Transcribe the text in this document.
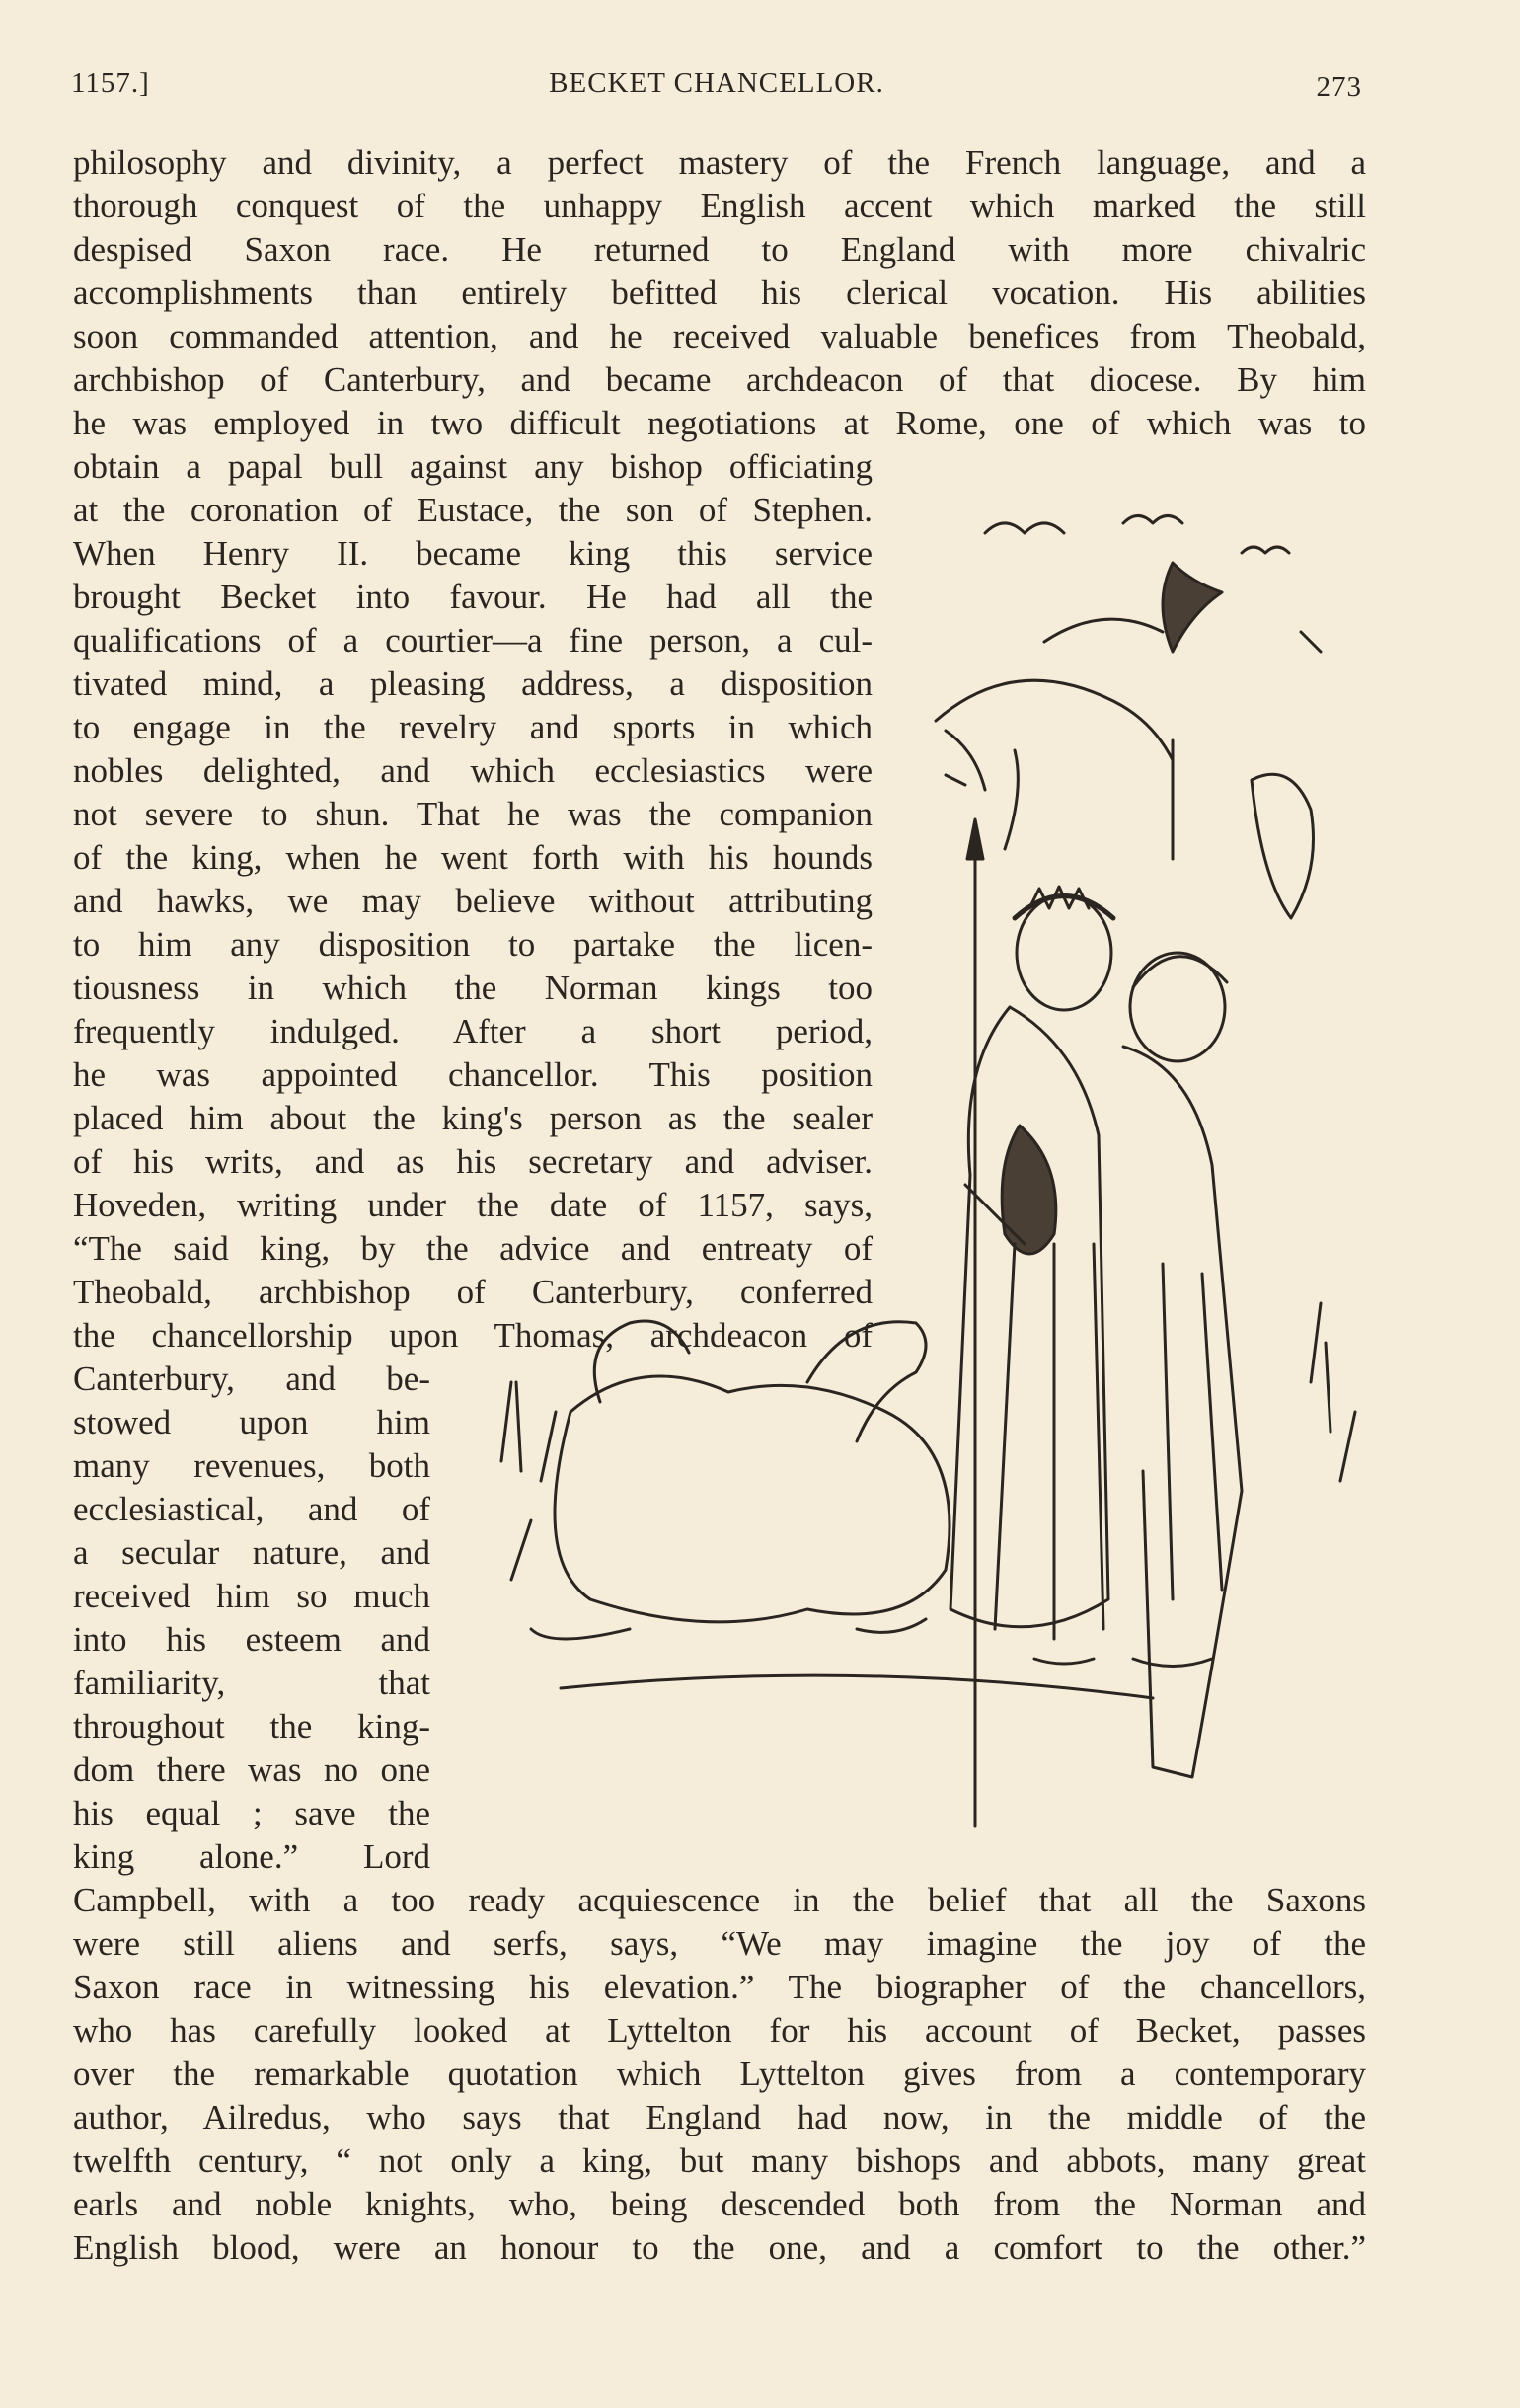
1157.]	BECKET CHANCELLOR.	273
philosophy and divinity, a perfect mastery of the French language, and a
thorough conquest of the unhappy English accent which marked the still
despised Saxon race. He returned to England with more chivalric
accomplishments than entirely befitted his clerical vocation. His abilities
soon commanded attention, and he received valuable benefices from Theobald,
archbishop of Canterbury, and became archdeacon of that diocese. By him
he was employed in two difficult negotiations at Rome, one of which was to
obtain a papal bull against any bishop officiating
at the coronation of Eustace, the son of Stephen.
When Henry II. became king this service
brought Becket into favour. He had all the
qualifications of a courtier—a fine person, a cul-
tivated mind, a pleasing address, a disposition
to engage in the revelry and sports in which
nobles delighted, and which ecclesiastics were
not severe to shun. That he was the companion
of the king, when he went forth with his hounds
and hawks, we may believe without attributing
to him any disposition to partake the licen-
tiousness in which the Norman kings too
frequently indulged. After a short period,
he was appointed chancellor. This position
placed him about the king's person as the sealer
of his writs, and as his secretary and adviser.
Hoveden, writing under the date of 1157, says,
“The said king, by the advice and entreaty of
Theobald, archbishop of Canterbury, conferred
the chancellorship upon Thomas, archdeacon of
Canterbury, and be-
stowed upon him
many revenues, both
ecclesiastical, and of
a secular nature, and
received him so much
into his esteem and
familiarity, that
throughout the king-
dom there was no one
his equal ; save the
king alone.” Lord
Campbell, with a too ready acquiescence in the belief that all the Saxons
were still aliens and serfs, says, “We may imagine the joy of the
Saxon race in witnessing his elevation.” The biographer of the chancellors,
who has carefully looked at Lyttelton for his account of Becket, passes
over the remarkable quotation which Lyttelton gives from a contemporary
author, Ailredus, who says that England had now, in the middle of the
twelfth century, “ not only a king, but many bishops and abbots, many great
earls and noble knights, who, being descended both from the Norman and
English blood, were an honour to the one, and a comfort to the other.”
